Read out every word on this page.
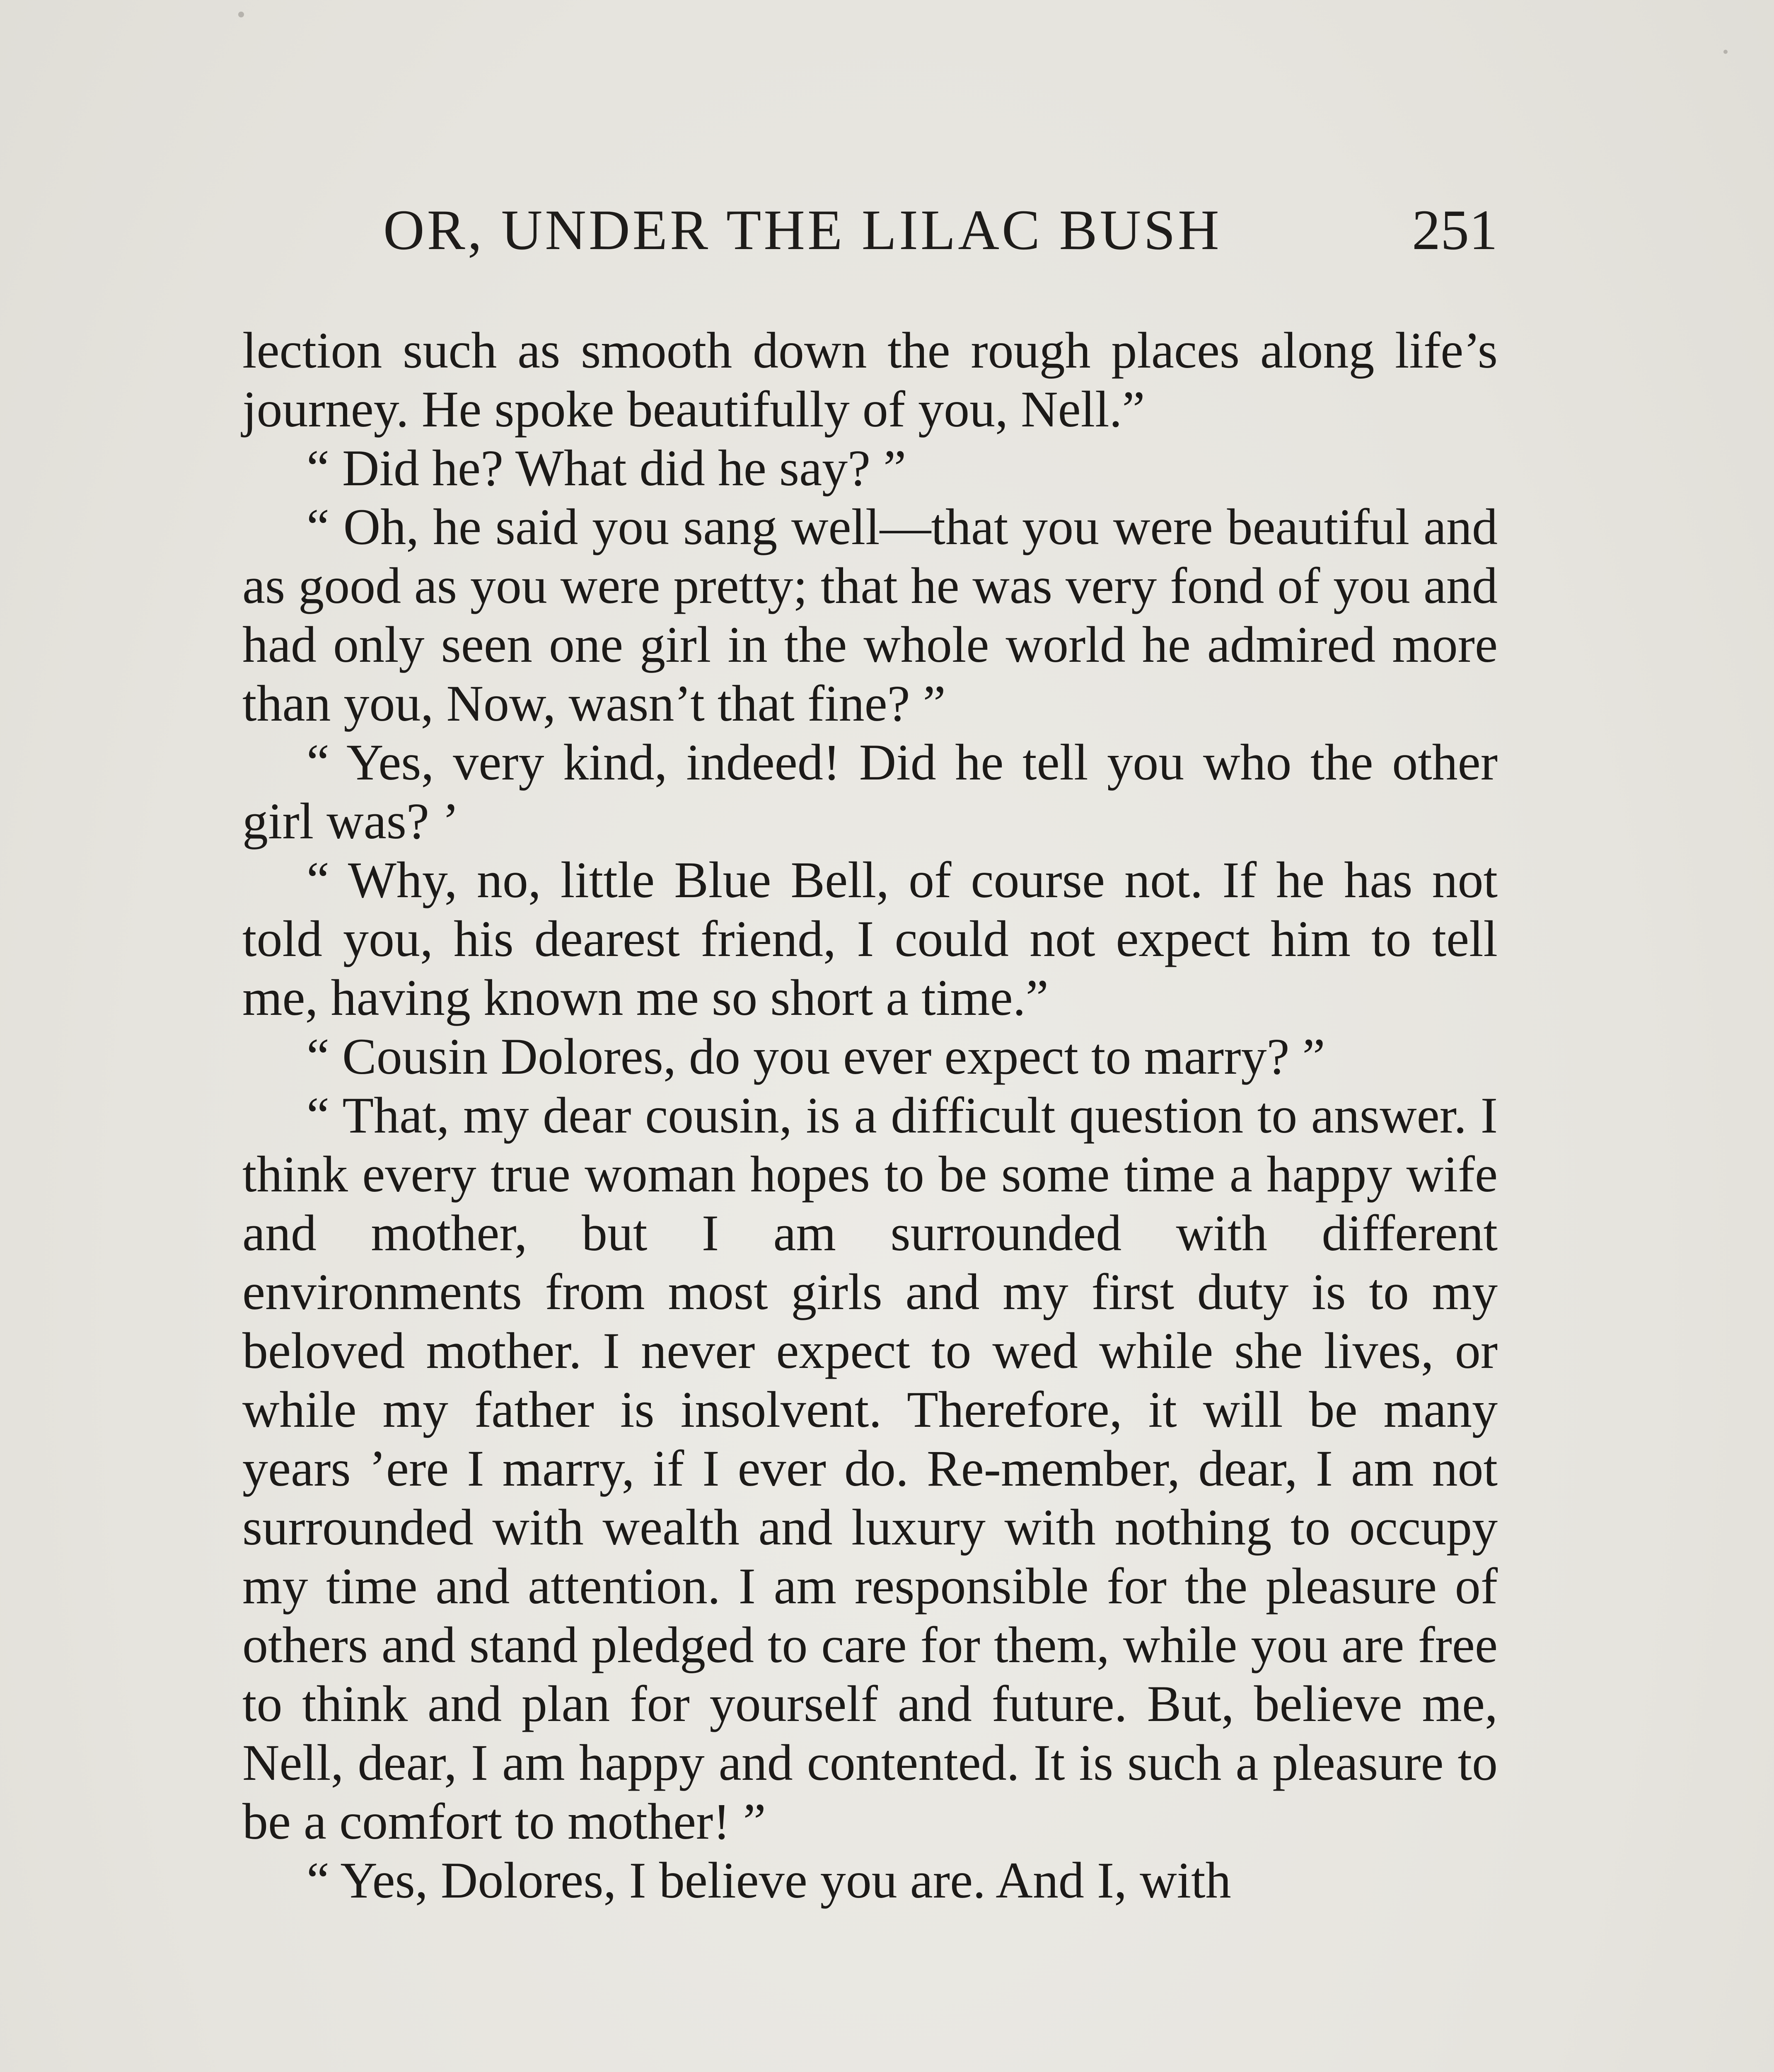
OR, UNDER THE LILAC BUSH	251

lection such as smooth down the rough places along life’s journey. He spoke beautifully of you, Nell.”

“ Did he? What did he say? ”

“ Oh, he said you sang well—that you were beautiful and as good as you were pretty; that he was very fond of you and had only seen one girl in the whole world he admired more than you, Now, wasn’t that fine? ”

“ Yes, very kind, indeed! Did he tell you who the other girl was? ’

“ Why, no, little Blue Bell, of course not. If he has not told you, his dearest friend, I could not expect him to tell me, having known me so short a time.”

“ Cousin Dolores, do you ever expect to marry? ”

“ That, my dear cousin, is a difficult question to answer. I think every true woman hopes to be some time a happy wife and mother, but I am surrounded with different environments from most girls and my first duty is to my beloved mother. I never expect to wed while she lives, or while my father is insolvent. Therefore, it will be many years ’ere I marry, if I ever do. Re-member, dear, I am not surrounded with wealth and luxury with nothing to occupy my time and attention. I am responsible for the pleasure of others and stand pledged to care for them, while you are free to think and plan for yourself and future. But, believe me, Nell, dear, I am happy and contented. It is such a pleasure to be a comfort to mother! ”

“ Yes, Dolores, I believe you are. And I, with
